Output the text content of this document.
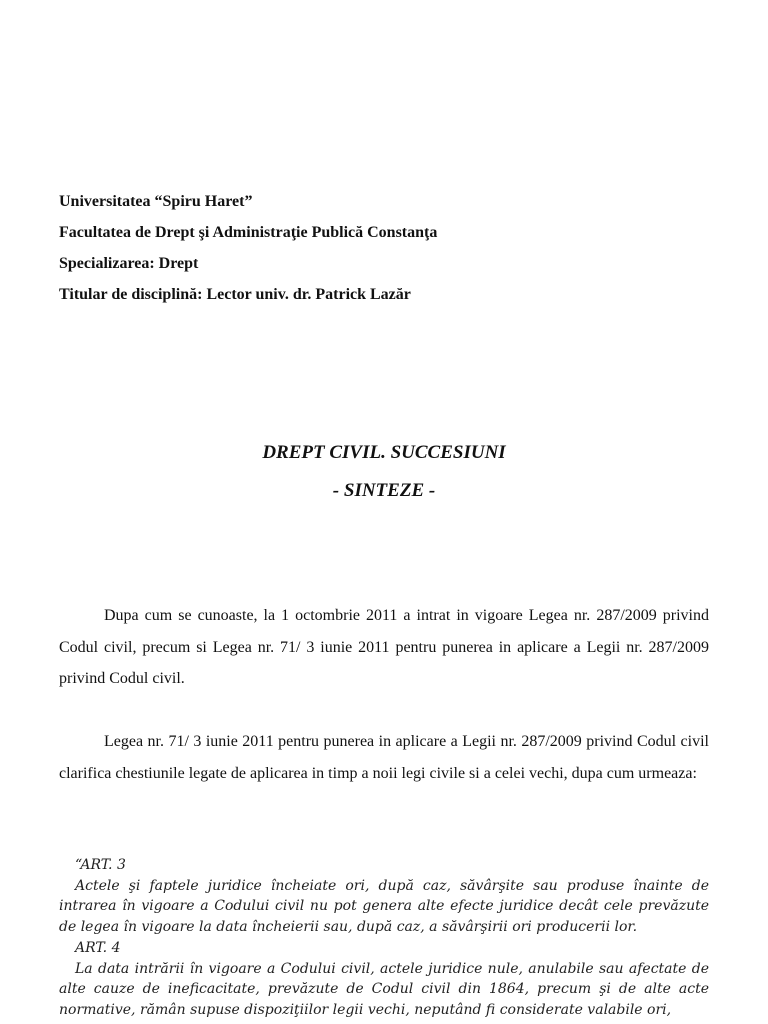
Universitatea “Spiru Haret”
Facultatea de Drept şi Administraţie Publică Constanţa
Specializarea: Drept
Titular de disciplină: Lector univ. dr. Patrick Lazăr
DREPT CIVIL. SUCCESIUNI
- SINTEZE -
Dupa cum se cunoaste, la 1 octombrie 2011 a intrat in vigoare Legea nr. 287/2009 privind Codul civil, precum si Legea nr. 71/ 3 iunie 2011 pentru punerea in aplicare a Legii nr. 287/2009 privind Codul civil.
Legea nr. 71/ 3 iunie 2011 pentru punerea in aplicare a Legii nr. 287/2009 privind Codul civil clarifica chestiunile legate de aplicarea in timp a noii legi civile si a celei vechi, dupa cum urmeaza:
“ART. 3
Actele şi faptele juridice încheiate ori, după caz, săvârşite sau produse înainte de intrarea în vigoare a Codului civil nu pot genera alte efecte juridice decât cele prevăzute de legea în vigoare la data încheierii sau, după caz, a săvârşirii ori producerii lor.
ART. 4
La data intrării în vigoare a Codului civil, actele juridice nule, anulabile sau afectate de alte cauze de ineficacitate, prevăzute de Codul civil din 1864, precum şi de alte acte normative, rămân supuse dispoziţiilor legii vechi, neputând fi considerate valabile ori,
